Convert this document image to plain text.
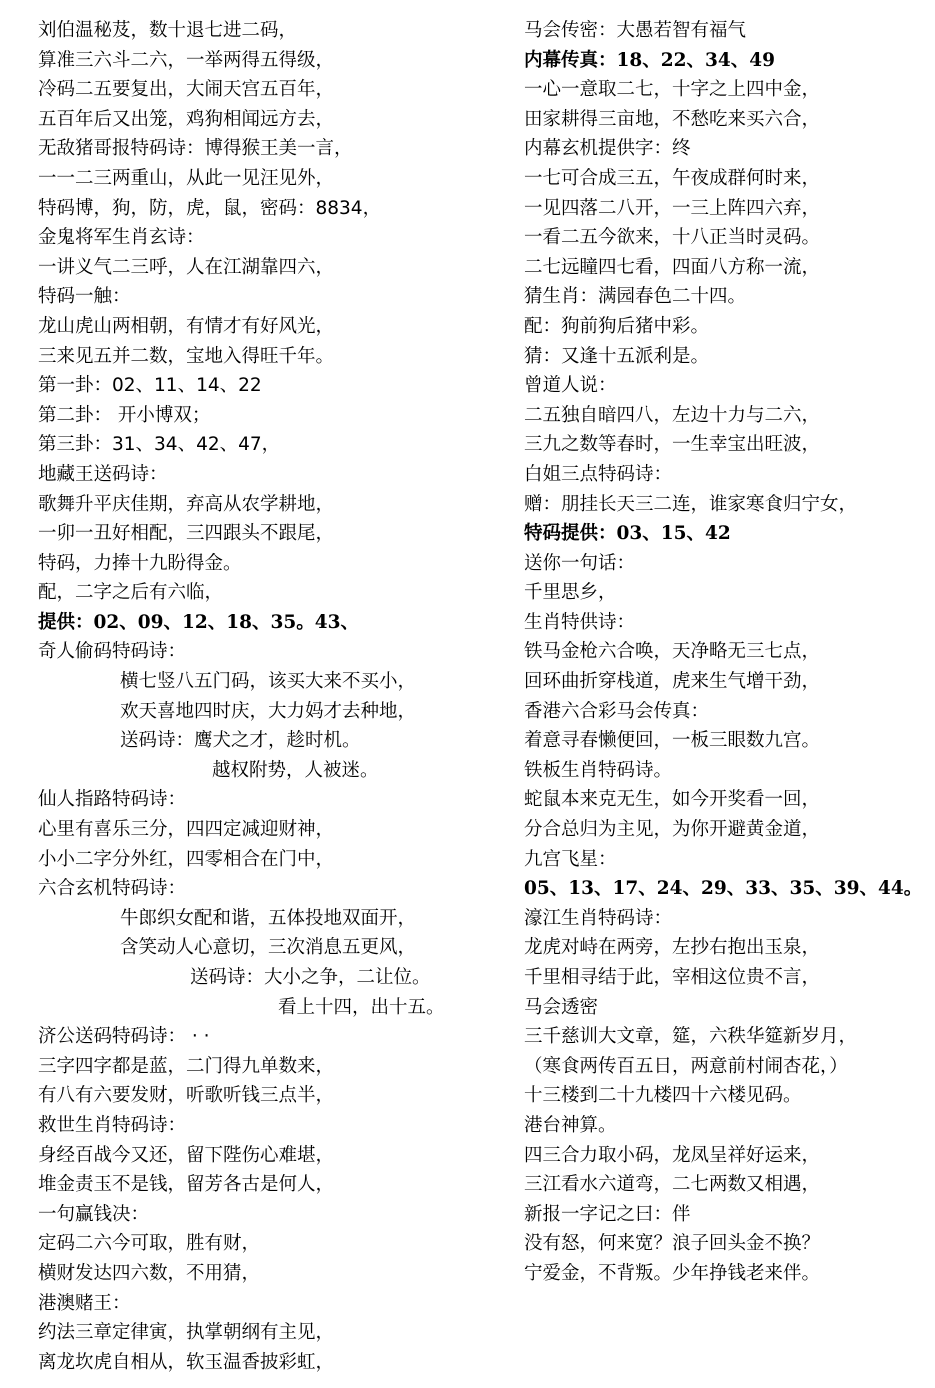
刘伯温秘芨，数十退七进二码，
算准三六斗二六，一举两得五得级，
冷码二五要复出，大闹天宫五百年，
五百年后又出笼，鸡狗相闻远方去，
无敌猪哥报特码诗：博得猴王美一言，
一一二三两重山，从此一见汪见外，
特码博，狗，防，虎，鼠，密码：8834，
金鬼将军生肖玄诗：
一讲义气二三呼，人在江湖靠四六，
特码一触：
龙山虎山两相朝，有情才有好风光，
三来见五并二数，宝地入得旺千年。
第一卦：02、11、14、22
第二卦： 开小博双；
第三卦：31、34、42、47，
地藏王送码诗：
歌舞升平庆佳期，弃高从农学耕地，
一卯一丑好相配，三四跟头不跟尾，
特码，力捧十九盼得金。
配，二字之后有六临，
提供：02、09、12、18、35。43、
奇人偷码特码诗：
横七竖八五门码，该买大来不买小，
欢天喜地四时庆，大力妈才去种地，
送码诗：鹰犬之才，趁时机。
越权附势，人被迷。
仙人指路特码诗：
心里有喜乐三分，四四定减迎财神，
小小二字分外红，四零相合在门中，
六合玄机特码诗：
牛郎织女配和谐，五体投地双面开，
含笑动人心意切，三次消息五更风，
送码诗：大小之争，二让位。
看上十四，出十五。
济公送码特码诗： · ·
三字四字都是蓝，二门得九单数来，
有八有六要发财，听歌听钱三点半，
救世生肖特码诗：
身经百战今又还，留下陛伤心难堪，
堆金责玉不是钱，留芳各古是何人，
一句赢钱决：
定码二六今可取，胜有财，
横财发达四六数，不用猜，
港澳赌王：
约法三章定律寅，执掌朝纲有主见，
离龙坎虎自相从，软玉温香披彩虹，
马会传密：大愚若智有福气
内幕传真：18、22、34、49
一心一意取二七，十字之上四中金，
田家耕得三亩地，不愁吃来买六合，
内幕玄机提供字：终
一七可合成三五，午夜成群何时来，
一见四落二八开，一三上阵四六弃，
一看二五今欲来，十八正当时灵码。
二七远瞳四七看，四面八方称一流，
猜生肖：满园春色二十四。
配：狗前狗后猪中彩。
猜：又逢十五派利是。
曾道人说：
二五独自暗四八，左边十力与二六，
三九之数等春时，一生幸宝出旺波，
白姐三点特码诗：
赠：朋挂长天三二连，谁家寒食归宁女，
特码提供：03、15、42
送你一句话：
千里思乡，
生肖特供诗：
铁马金枪六合唤，天净略无三七点，
回环曲折穿栈道，虎来生气增干劲，
香港六合彩马会传真：
着意寻春懒便回，一板三眼数九宫。
铁板生肖特码诗。
蛇鼠本来克无生，如今开奖看一回，
分合总归为主见，为你开避黄金道，
九宫飞星：
05、13、17、24、29、33、35、39、44。
濠江生肖特码诗：
龙虎对峙在两旁，左抄右抱出玉泉，
千里相寻结于此，宰相这位贵不言，
马会透密
三千慈训大文章，筵，六秩华筵新岁月，
（寒食两传百五日，两意前村闹杏花，）
十三楼到二十九楼四十六楼见码。
港台神算。
四三合力取小码，龙凤呈祥好运来，
三江看水六道弯，二七两数又相遇，
新报一字记之曰：伴
没有怒，何来宽？浪子回头金不换？
宁爱金，不背叛。少年挣钱老来伴。
